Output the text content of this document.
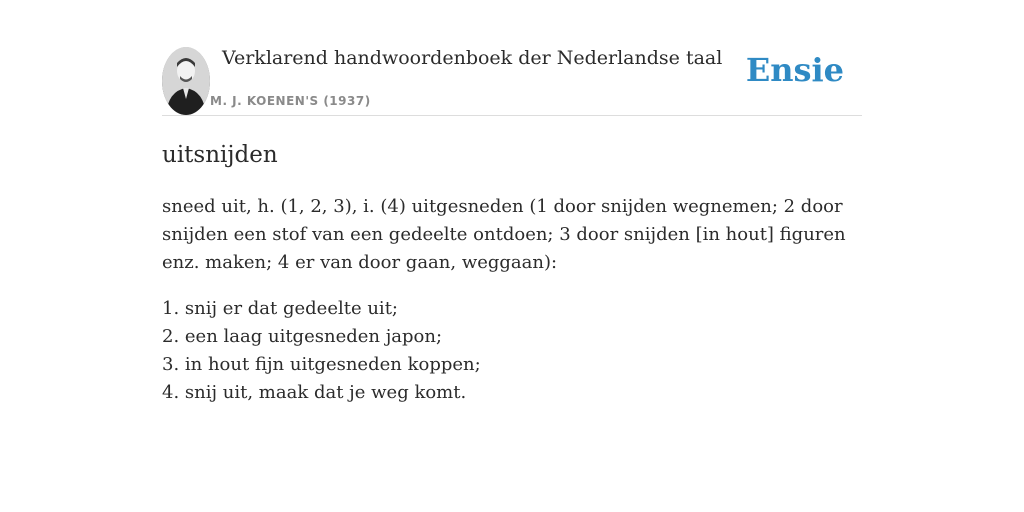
Verklarend handwoordenboek der Nederlandse taal
M. J. KOENEN'S (1937)
Ensie
uitsnijden
sneed uit, h. (1, 2, 3), i. (4) uitgesneden (1 door snijden wegnemen; 2 door snijden een stof van een gedeelte ontdoen; 3 door snijden [in hout] figuren enz. maken; 4 er van door gaan, weggaan):
1. snij er dat gedeelte uit;
2. een laag uitgesneden japon;
3. in hout fijn uitgesneden koppen;
4. snij uit, maak dat je weg komt.
